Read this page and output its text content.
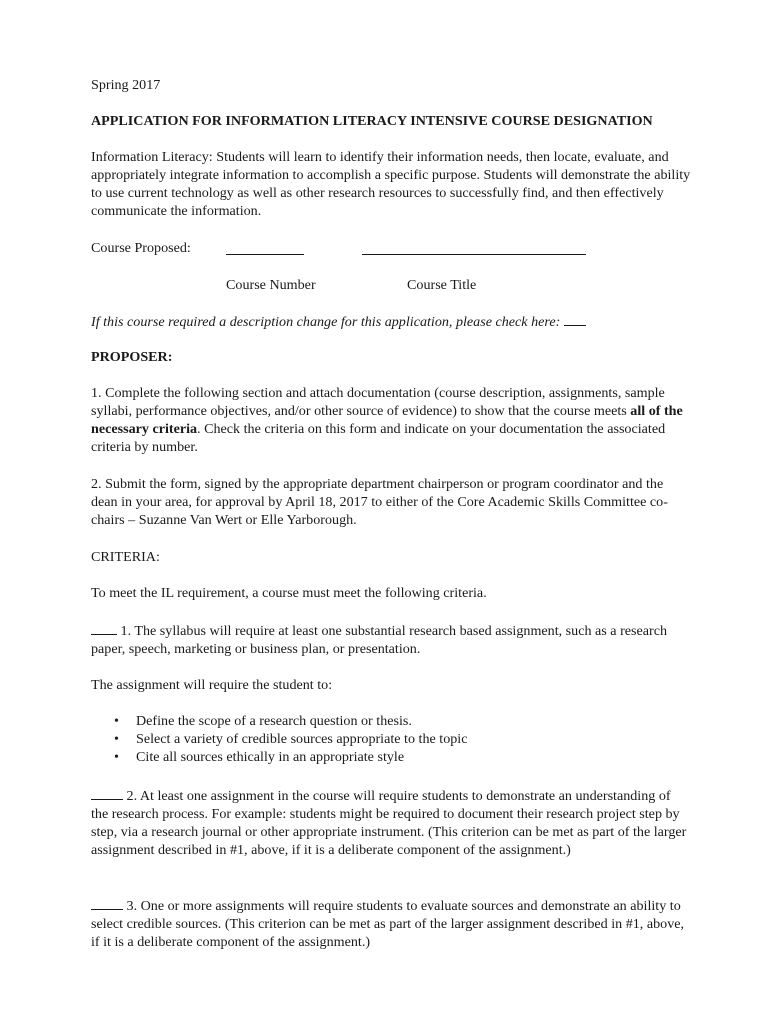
Spring 2017

APPLICATION FOR INFORMATION LITERACY INTENSIVE COURSE DESIGNATION

Information Literacy: Students will learn to identify their information needs, then locate, evaluate, and appropriately integrate information to accomplish a specific purpose. Students will demonstrate the ability to use current technology as well as other research resources to successfully find, and then effectively communicate the information.

Course Proposed:
Course Number	Course Title

If this course required a description change for this application, please check here:

PROPOSER:

1. Complete the following section and attach documentation (course description, assignments, sample syllabi, performance objectives, and/or other source of evidence) to show that the course meets all of the necessary criteria. Check the criteria on this form and indicate on your documentation the associated criteria by number.

2. Submit the form, signed by the appropriate department chairperson or program coordinator and the dean in your area, for approval by April 18, 2017 to either of the Core Academic Skills Committee co-chairs – Suzanne Van Wert or Elle Yarborough.

CRITERIA:

To meet the IL requirement, a course must meet the following criteria.

1. The syllabus will require at least one substantial research based assignment, such as a research paper, speech, marketing or business plan, or presentation.

The assignment will require the student to:

• Define the scope of a research question or thesis.
• Select a variety of credible sources appropriate to the topic
• Cite all sources ethically in an appropriate style

2. At least one assignment in the course will require students to demonstrate an understanding of the research process. For example: students might be required to document their research project step by step, via a research journal or other appropriate instrument. (This criterion can be met as part of the larger assignment described in #1, above, if it is a deliberate component of the assignment.)

3. One or more assignments will require students to evaluate sources and demonstrate an ability to select credible sources. (This criterion can be met as part of the larger assignment described in #1, above, if it is a deliberate component of the assignment.)
